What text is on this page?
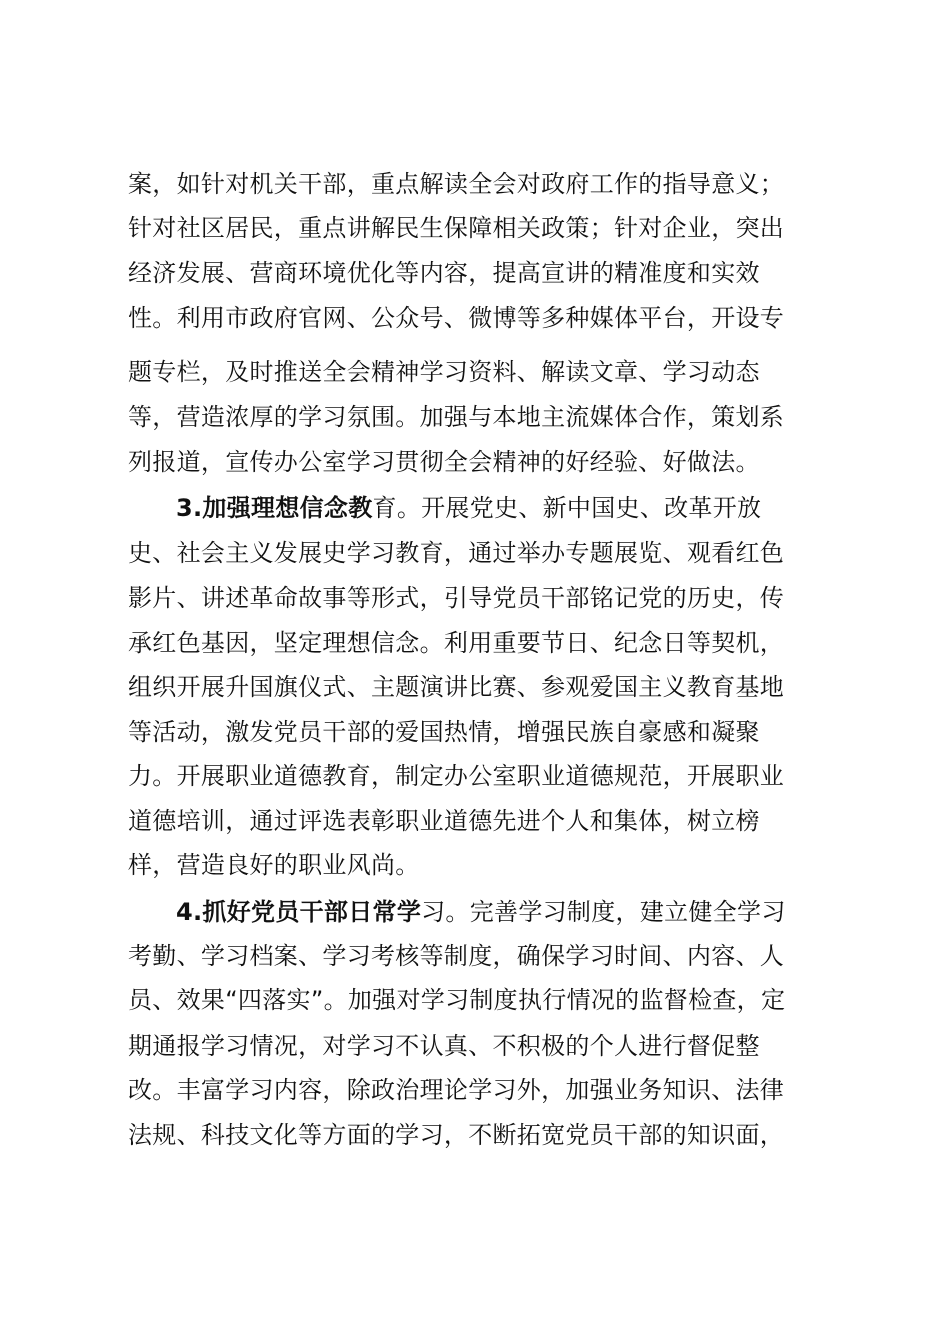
案，如针对机关干部，重点解读全会对政府工作的指导意义；
针对社区居民，重点讲解民生保障相关政策；针对企业，突出
经济发展、营商环境优化等内容，提高宣讲的精准度和实效
性。利用市政府官网、公众号、微博等多种媒体平台，开设专
题专栏，及时推送全会精神学习资料、解读文章、学习动态
等，营造浓厚的学习氛围。加强与本地主流媒体合作，策划系
列报道，宣传办公室学习贯彻全会精神的好经验、好做法。
3.加强理想信念教育。开展党史、新中国史、改革开放
史、社会主义发展史学习教育，通过举办专题展览、观看红色
影片、讲述革命故事等形式，引导党员干部铭记党的历史，传
承红色基因，坚定理想信念。利用重要节日、纪念日等契机，
组织开展升国旗仪式、主题演讲比赛、参观爱国主义教育基地
等活动，激发党员干部的爱国热情，增强民族自豪感和凝聚
力。开展职业道德教育，制定办公室职业道德规范，开展职业
道德培训，通过评选表彰职业道德先进个人和集体，树立榜
样，营造良好的职业风尚。
4.抓好党员干部日常学习。完善学习制度，建立健全学习
考勤、学习档案、学习考核等制度，确保学习时间、内容、人
员、效果“四落实”。加强对学习制度执行情况的监督检查，定
期通报学习情况，对学习不认真、不积极的个人进行督促整
改。丰富学习内容，除政治理论学习外，加强业务知识、法律
法规、科技文化等方面的学习，不断拓宽党员干部的知识面，
